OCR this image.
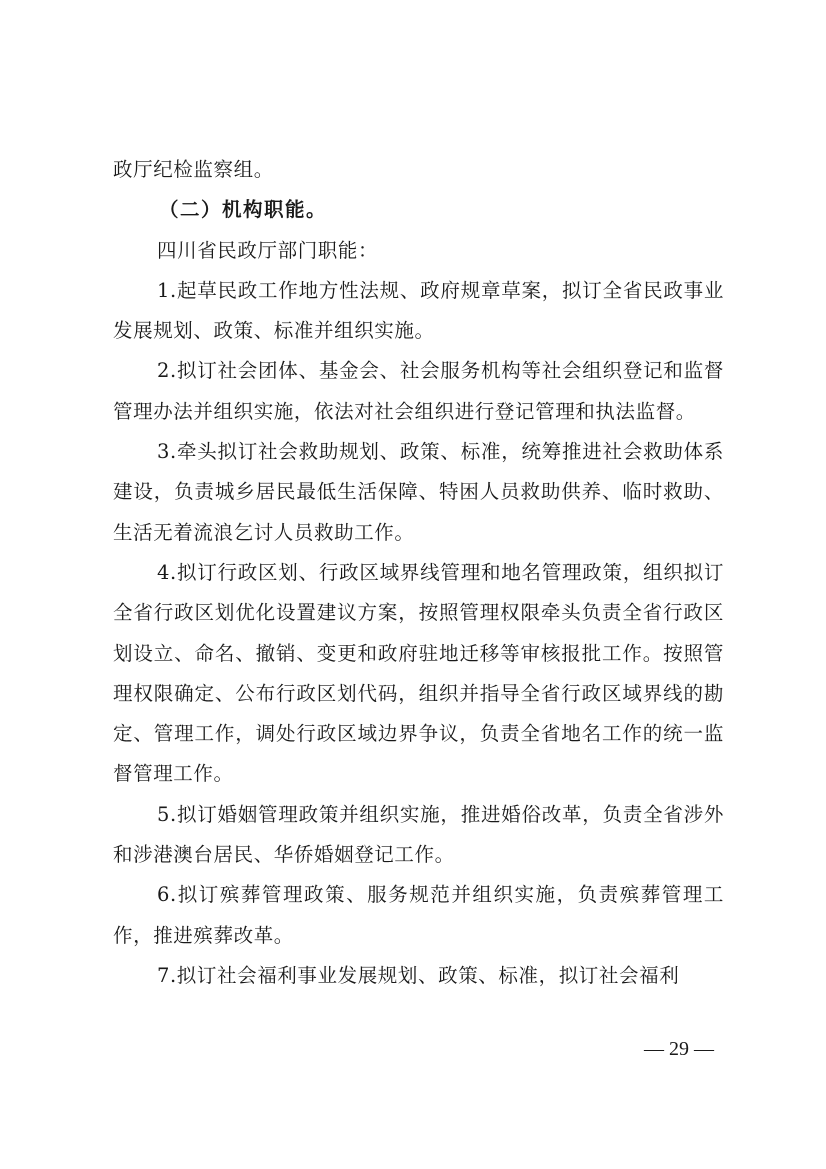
政厅纪检监察组。

（二）机构职能。

四川省民政厅部门职能：

1.起草民政工作地方性法规、政府规章草案，拟订全省民政事业发展规划、政策、标准并组织实施。

2.拟订社会团体、基金会、社会服务机构等社会组织登记和监督管理办法并组织实施，依法对社会组织进行登记管理和执法监督。

3.牵头拟订社会救助规划、政策、标准，统筹推进社会救助体系建设，负责城乡居民最低生活保障、特困人员救助供养、临时救助、生活无着流浪乞讨人员救助工作。

4.拟订行政区划、行政区域界线管理和地名管理政策，组织拟订全省行政区划优化设置建议方案，按照管理权限牵头负责全省行政区划设立、命名、撤销、变更和政府驻地迁移等审核报批工作。按照管理权限确定、公布行政区划代码，组织并指导全省行政区域界线的勘定、管理工作，调处行政区域边界争议，负责全省地名工作的统一监督管理工作。

5.拟订婚姻管理政策并组织实施，推进婚俗改革，负责全省涉外和涉港澳台居民、华侨婚姻登记工作。

6.拟订殡葬管理政策、服务规范并组织实施，负责殡葬管理工作，推进殡葬改革。

7.拟订社会福利事业发展规划、政策、标准，拟订社会福利

— 29 —
